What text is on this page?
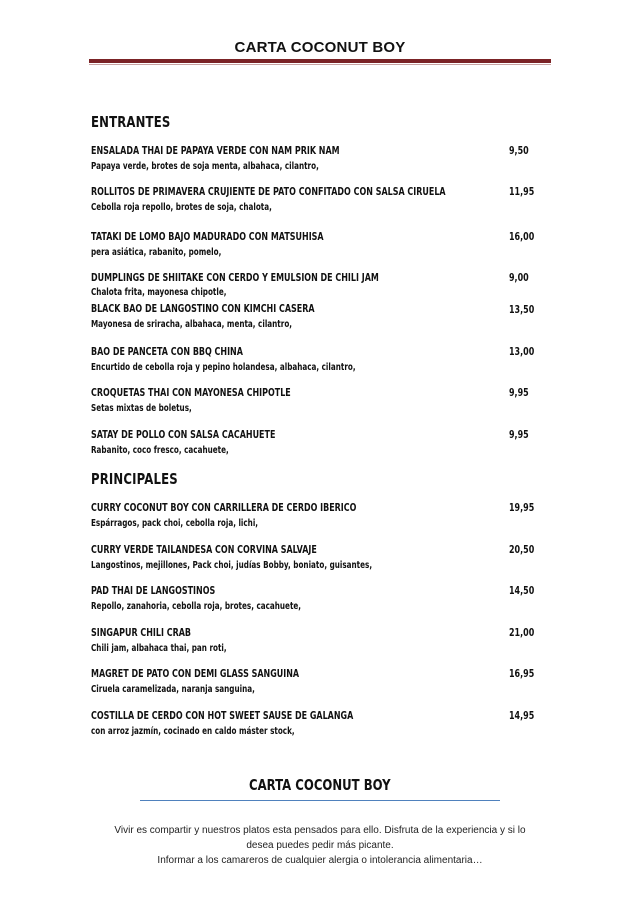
CARTA COCONUT BOY
ENTRANTES
ENSALADA THAI DE PAPAYA VERDE CON NAM PRIK NAM
Papaya verde, brotes de soja menta, albahaca, cilantro,
9,50
ROLLITOS DE PRIMAVERA CRUJIENTE DE PATO CONFITADO CON SALSA CIRUELA
Cebolla roja repollo, brotes de soja, chalota,
11,95
TATAKI DE LOMO BAJO MADURADO CON MATSUHISA
pera asiática, rabanito, pomelo,
16,00
DUMPLINGS DE SHIITAKE CON CERDO Y EMULSION DE CHILI JAM
Chalota frita, mayonesa chipotle,
9,00
BLACK BAO DE LANGOSTINO CON KIMCHI CASERA
Mayonesa de sriracha, albahaca, menta, cilantro,
13,50
BAO DE PANCETA CON BBQ CHINA
Encurtido de cebolla roja y pepino holandesa, albahaca, cilantro,
13,00
CROQUETAS THAI CON MAYONESA CHIPOTLE
Setas mixtas de boletus,
9,95
SATAY DE POLLO CON SALSA CACAHUETE
Rabanito, coco fresco, cacahuete,
9,95
PRINCIPALES
CURRY COCONUT BOY CON CARRILLERA DE CERDO IBERICO
Espárragos, pack choi, cebolla roja, lichi,
19,95
CURRY VERDE TAILANDESA CON CORVINA SALVAJE
Langostinos, mejillones, Pack choi, judías Bobby, boniato, guisantes,
20,50
PAD THAI DE LANGOSTINOS
Repollo, zanahoria, cebolla roja, brotes, cacahuete,
14,50
SINGAPUR CHILI CRAB
Chili jam, albahaca thai, pan roti,
21,00
MAGRET DE PATO CON DEMI GLASS SANGUINA
Ciruela caramelizada, naranja sanguina,
16,95
COSTILLA DE CERDO CON HOT SWEET SAUSE DE GALANGA
con arroz jazmín, cocinado en caldo máster stock,
14,95
CARTA COCONUT BOY
Vivir es compartir y nuestros platos esta pensados para ello. Disfruta de la experiencia y si lo
desea puedes pedir más picante.
Informar a los camareros de cualquier alergia o intolerancia alimentaria…
